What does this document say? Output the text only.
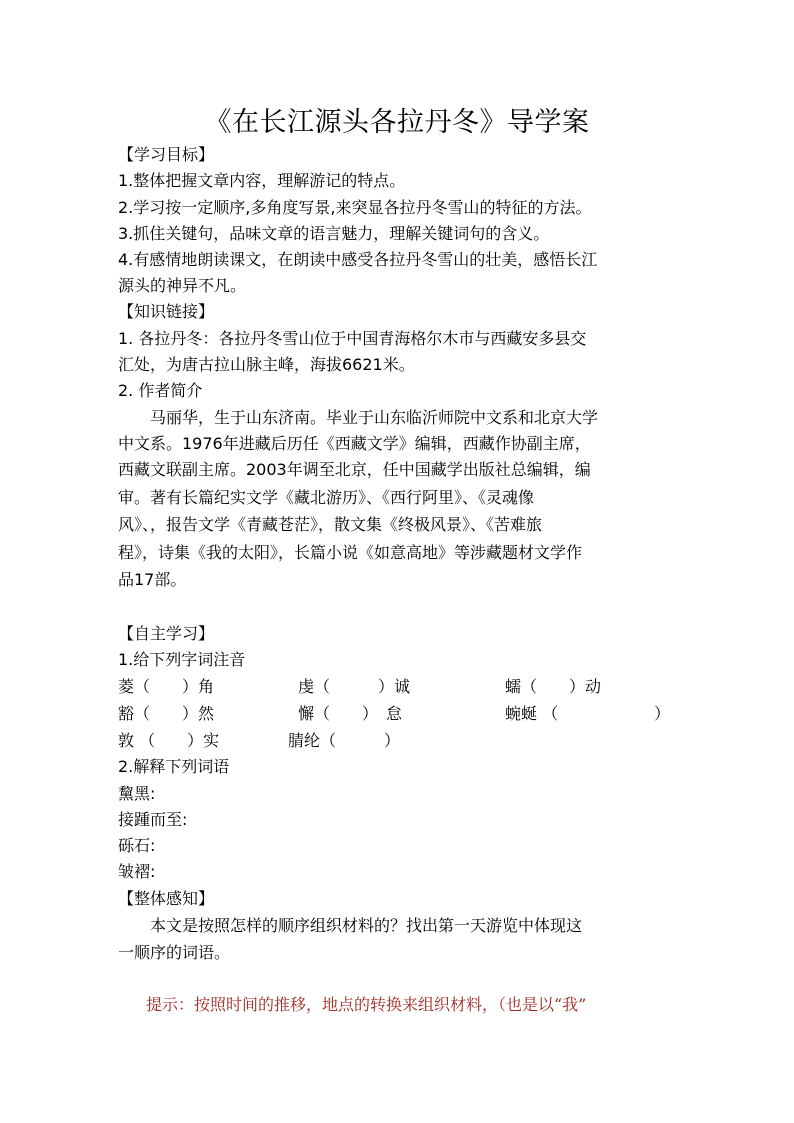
《在长江源头各拉丹冬》导学案
【学习目标】
1.整体把握文章内容，理解游记的特点。
2.学习按一定顺序,多角度写景,来突显各拉丹冬雪山的特征的方法。
3.抓住关键句，品味文章的语言魅力，理解关键词句的含义。
4.有感情地朗读课文，在朗读中感受各拉丹冬雪山的壮美，感悟长江
源头的神异不凡。
【知识链接】
1. 各拉丹冬：各拉丹冬雪山位于中国青海格尔木市与西藏安多县交
汇处，为唐古拉山脉主峰，海拔6621米。
2. 作者简介
马丽华，生于山东济南。毕业于山东临沂师院中文系和北京大学
中文系。1976年进藏后历任《西藏文学》编辑，西藏作协副主席，
西藏文联副主席。2003年调至北京，任中国藏学出版社总编辑，编
审。著有长篇纪实文学《藏北游历》、《西行阿里》、《灵魂像
风》、，报告文学《青藏苍茫》，散文集《终极风景》、《苦难旅
程》，诗集《我的太阳》，长篇小说《如意高地》等涉藏题材文学作
品17部。
【自主学习】
1.给下列字词注音
菱（　　）角	虔（　　　）诚	蠕（　　）动
豁（　　）然	懈（　　）　怠	蜿蜒 （　　　　　　）
敦 （　　）实	腈纶（　　　）
2.解释下列词语
黧黑:
接踵而至:
砾石:
皱褶:
【整体感知】
本文是按照怎样的顺序组织材料的？找出第一天游览中体现这
一顺序的词语。
提示：按照时间的推移，地点的转换来组织材料，（也是以“我”
